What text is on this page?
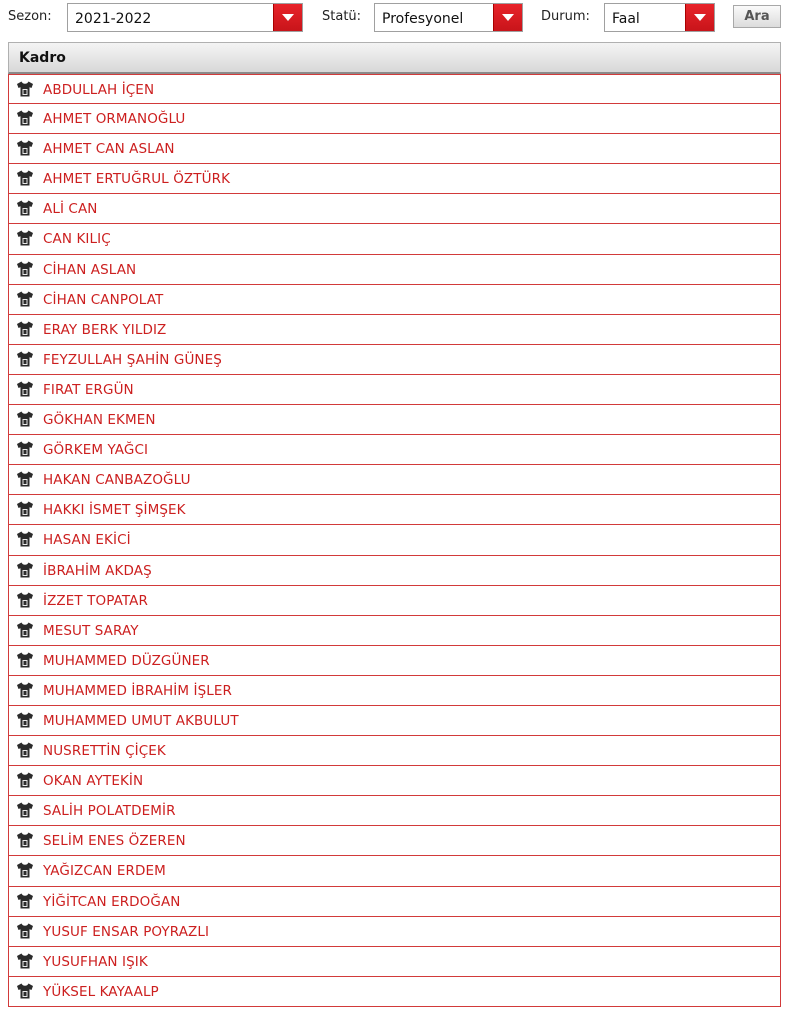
Sezon: 2021-2022	Statü: Profesyonel	Durum: Faal	Ara
Kadro
ABDULLAH İÇEN
AHMET ORMANOĞLU
AHMET CAN ASLAN
AHMET ERTUĞRUL ÖZTÜRK
ALİ CAN
CAN KILIÇ
CİHAN ASLAN
CİHAN CANPOLAT
ERAY BERK YILDIZ
FEYZULLAH ŞAHİN GÜNEŞ
FIRAT ERGÜN
GÖKHAN EKMEN
GÖRKEM YAĞCI
HAKAN CANBAZOĞLU
HAKKI İSMET ŞİMŞEK
HASAN EKİCİ
İBRAHİM AKDAŞ
İZZET TOPATAR
MESUT SARAY
MUHAMMED DÜZGÜNER
MUHAMMED İBRAHİM İŞLER
MUHAMMED UMUT AKBULUT
NUSRETTİN ÇİÇEK
OKAN AYTEKİN
SALİH POLATDEMİR
SELİM ENES ÖZEREN
YAĞIZCAN ERDEM
YİĞİTCAN ERDOĞAN
YUSUF ENSAR POYRAZLI
YUSUFHAN IŞIK
YÜKSEL KAYAALP
